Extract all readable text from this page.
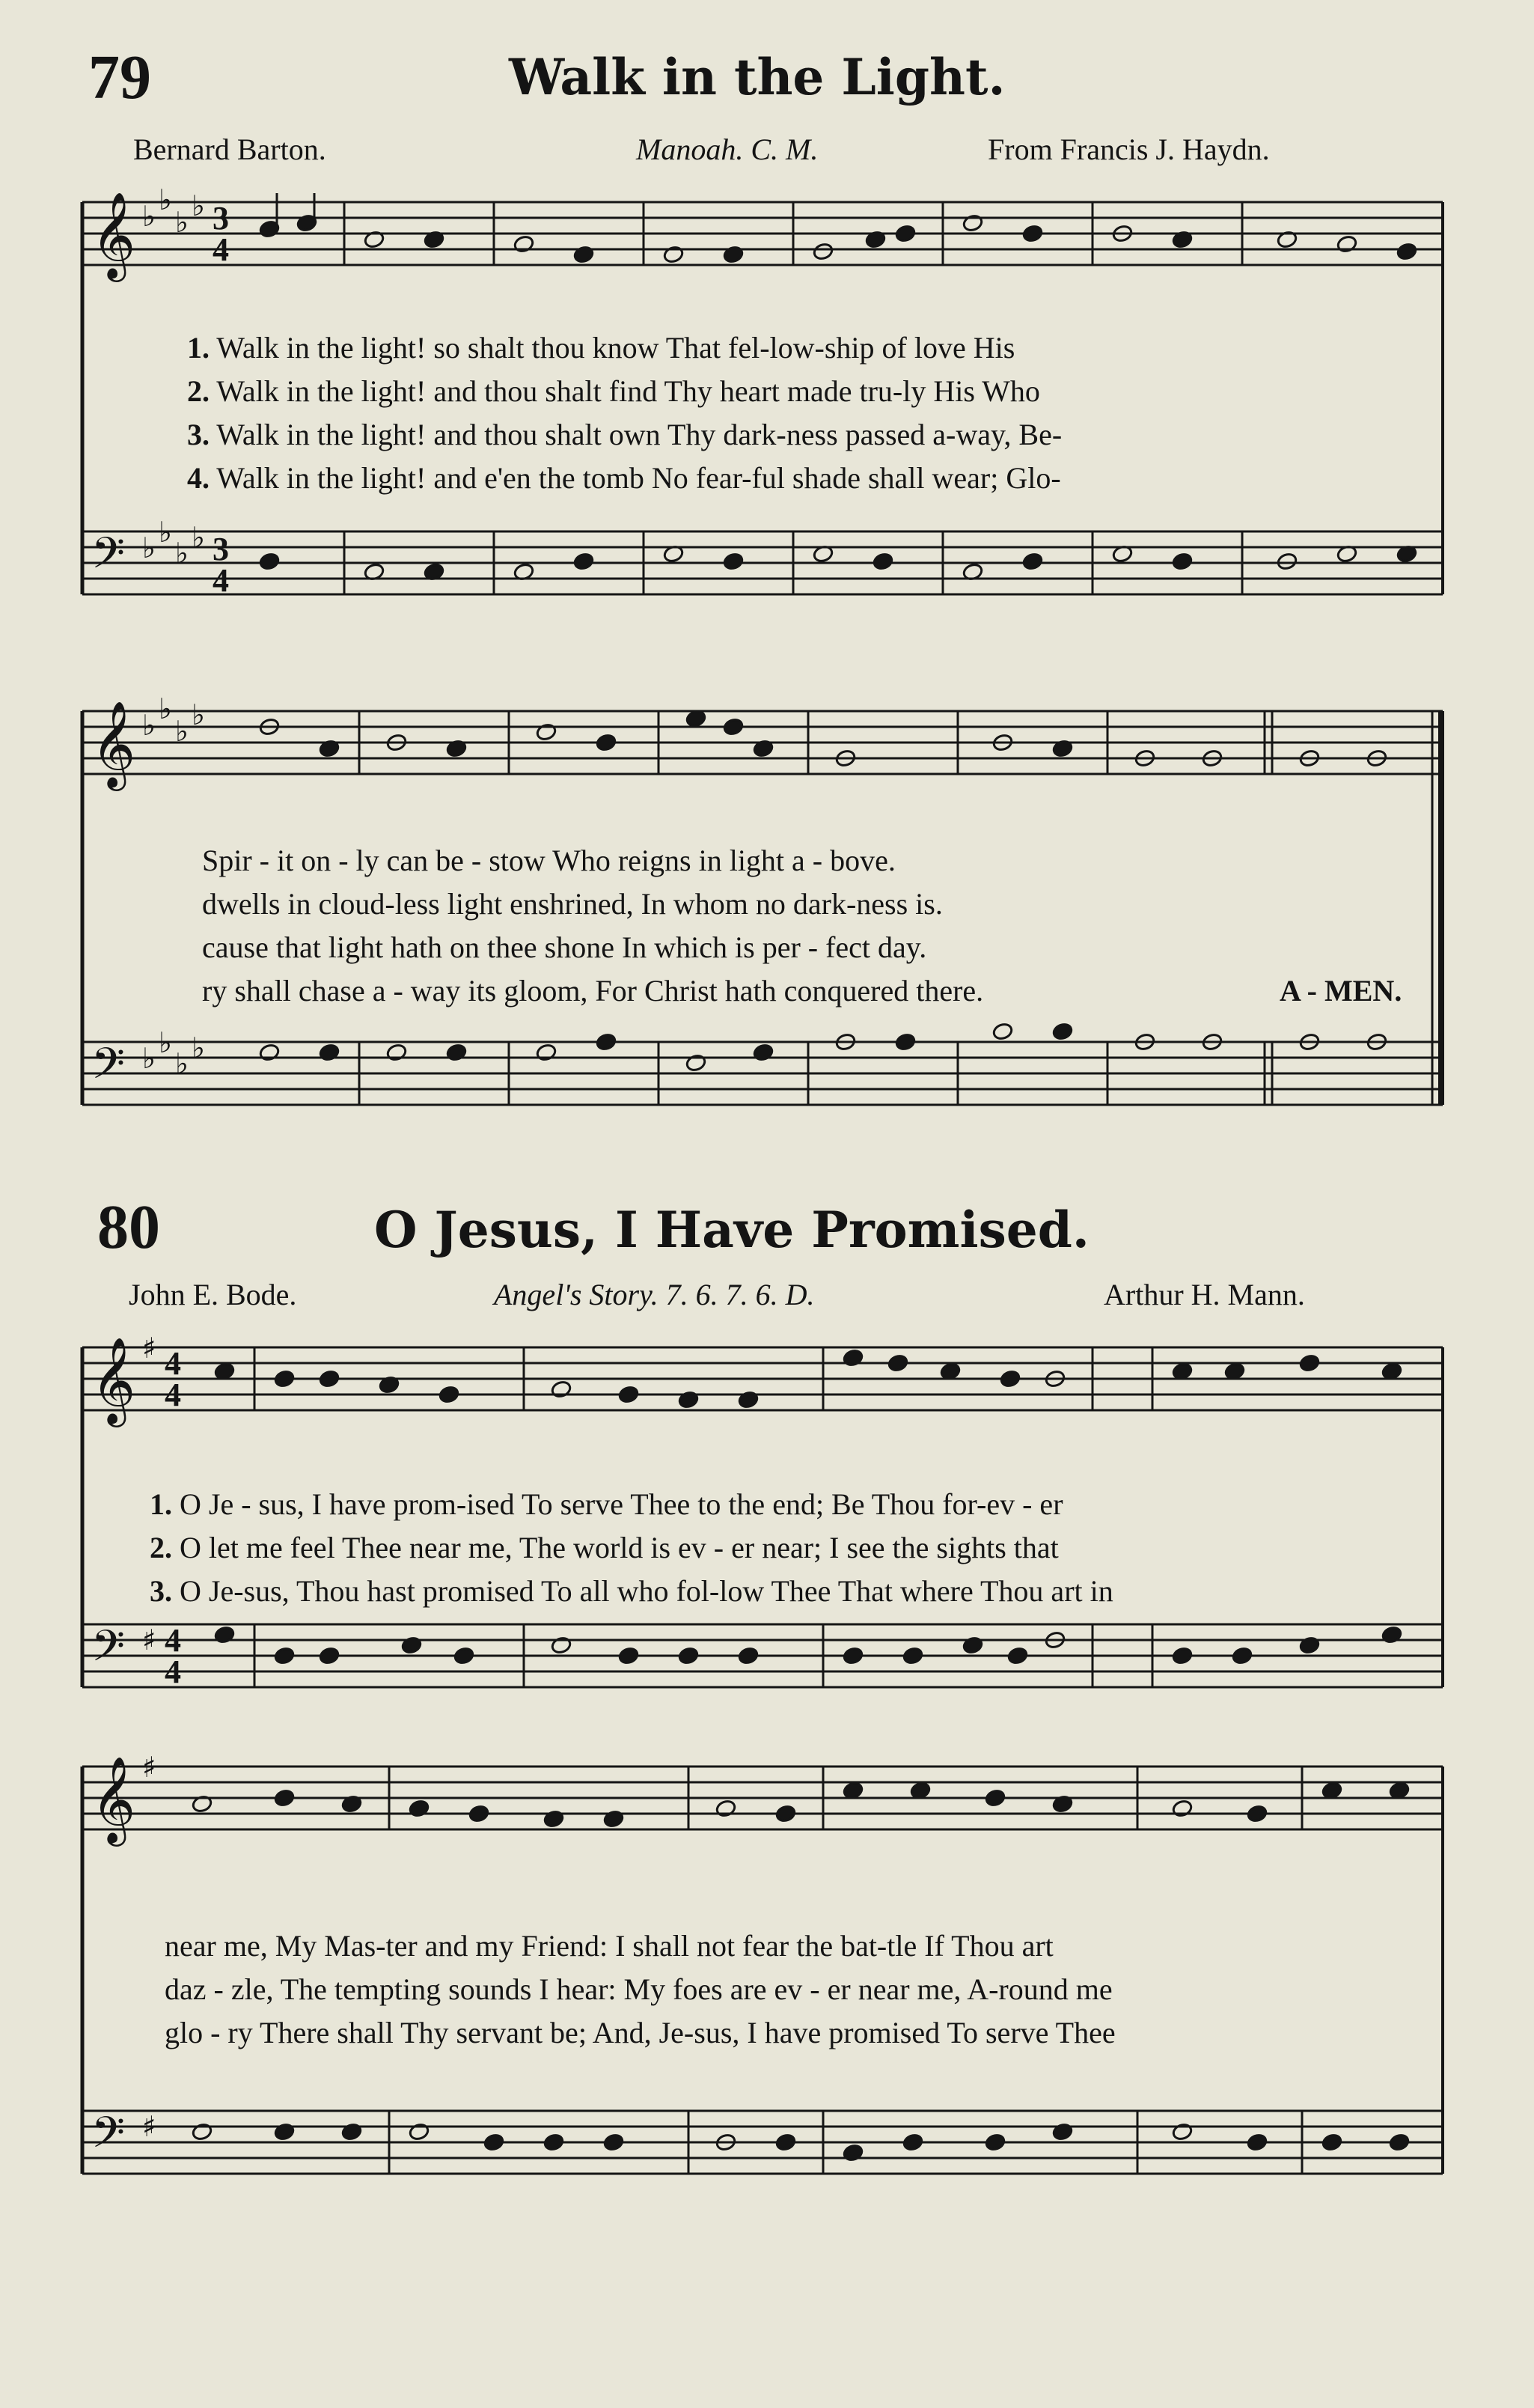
79	Walk in the Light.
Bernard Barton.	Manoah. C. M.	From Francis J. Haydn.
𝄞
𝄢
♭ ♭
♭ ♭
♭ ♭
♭ ♭
3
4
3
4
1. Walk in the light! so shalt thou know That fel-low-ship of love His
2. Walk in the light! and thou shalt find Thy heart made tru-ly His Who
3. Walk in the light! and thou shalt own Thy dark-ness passed a-way, Be-
4. Walk in the light! and e'en the tomb No fear-ful shade shall wear; Glo-
𝄞
𝄢
♭ ♭
♭ ♭
♭ ♭
♭ ♭
Spir - it on - ly can be - stow Who reigns in light a - bove.
dwells in cloud-less light enshrined, In whom no dark-ness is.
cause that light hath on thee shone In which is per - fect day.
ry shall chase a - way its gloom, For Christ hath conquered there.	A - MEN.
80	O Jesus, I Have Promised.
John E. Bode.	Angel's Story. 7. 6. 7. 6. D.	Arthur H. Mann.
𝄞
𝄢
♯
♯
4
4
4
4
1. O Je - sus, I have prom-ised To serve Thee to the end; Be Thou for-ev - er
2. O let me feel Thee near me, The world is ev - er near; I see the sights that
3. O Je-sus, Thou hast promised To all who fol-low Thee That where Thou art in
𝄞
𝄢
♯
♯
near me, My Mas-ter and my Friend: I shall not fear the bat-tle If Thou art
daz - zle, The tempting sounds I hear: My foes are ev - er near me, A-round me
glo - ry There shall Thy servant be; And, Je-sus, I have promised To serve Thee
